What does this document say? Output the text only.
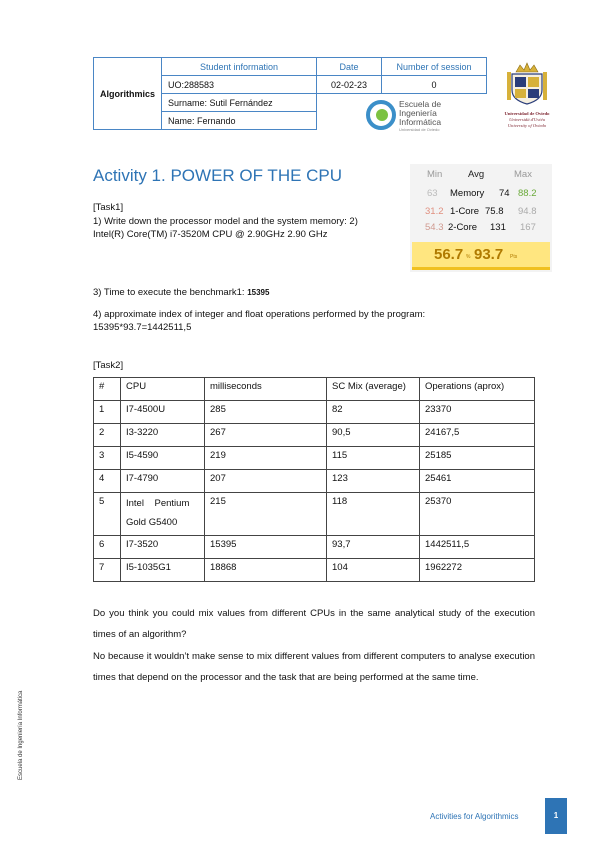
Algorithmics	Student information	Date	Number of session
	UO:288583	02-02-23	0
	Surname: Sutil Fernández		
	Name: Fernando		
Escuela de
Ingeniería
Informática
Universidad de Oviedo
Universidad de Oviedo
Universidá d'Uviéu
University of Oviedo
Activity 1. POWER OF THE CPU	Min	Avg	Max
63 Memory 74 88.2
31.2 1-Core 75.8 94.8
54.3 2-Core 131 167
56.7 % 93.7 Pts
[Task1]
1) Write down the processor model and the system memory: 2)
Intel(R) Core(TM) i7-3520M CPU @ 2.90GHz 2.90 GHz
3) Time to execute the benchmark1: 15395
4) approximate index of integer and float operations performed by the program:
15395*93.7=1442511,5
[Task2]
#	CPU	milliseconds	SC Mix (average)	Operations (aprox)
1	I7-4500U	285	82	23370
2	I3-3220	267	90,5	24167,5
3	I5-4590	219	115	25185
4	I7-4790	207	123	25461
5	Intel    Pentium
Gold G5400	215	118	25370
6	I7-3520	15395	93,7	1442511,5
7	I5-1035G1	18868	104	1962272
Do you think you could mix values from different CPUs in the same analytical study of the execution times of an algorithm?
No because it wouldn’t make sense to mix different values from different computers to analyse execution times that depend on the processor and the task that are being performed at the same time.
Escuela de Ingeniería Informática
Activities for Algorithmics	1
